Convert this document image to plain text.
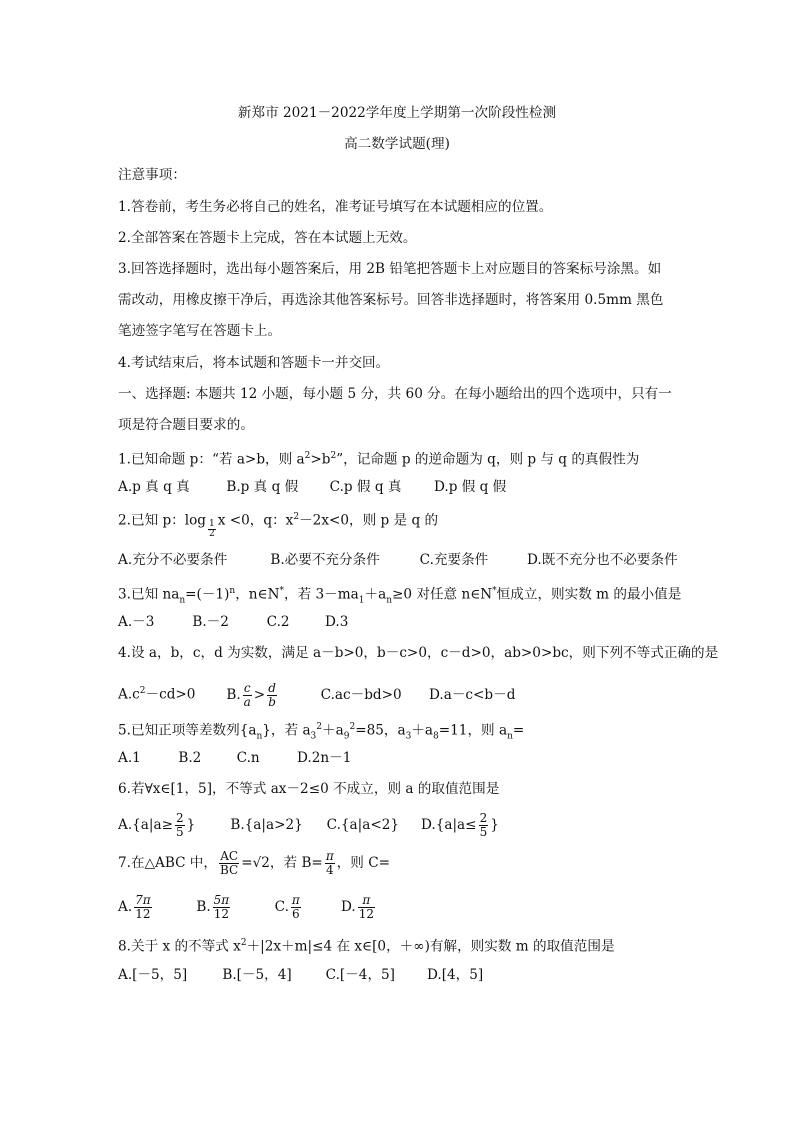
新郑市 2021－2022学年度上学期第一次阶段性检测
高二数学试题(理)
注意事项：
1.答卷前，考生务必将自己的姓名，准考证号填写在本试题相应的位置。
2.全部答案在答题卡上完成，答在本试题上无效。
3.回答选择题时，选出每小题答案后，用 2B 铅笔把答题卡上对应题目的答案标号涂黑。如
需改动，用橡皮擦干净后，再选涂其他答案标号。回答非选择题时，将答案用 0.5mm 黑色
笔迹签字笔写在答题卡上。
4.考试结束后，将本试题和答题卡一并交回。
一、选择题: 本题共 12 小题，每小题 5 分，共 60 分。在每小题给出的四个选项中，只有一
项是符合题目要求的。
1.已知命题 p：“若 a>b，则 $a^2>b^2$”，记命题 p 的逆命题为 q，则 p 与 q 的真假性为
A.p 真 q 真	B.p 真 q 假 C.p 假 q 真 D.p 假 q 假
2.已知 p：$\log \frac{1}{2}$ x <0，q：$x^2-2x<0$，则 p 是 q 的
A.充分不必要条件	B.必要不充分条件	C.充要条件	D.既不充分也不必要条件
3.已知 $na_n=(-1)^n$，n∈N*，若 $3-ma_1+a_n\ge 0$ 对任意 n∈N*恒成立，则实数 m 的最小值是
A.－3	B.－2	C.2	D.3
4.设 a，b，c，d 为实数，满足 a－b>0，b－c>0，c－d>0，ab>0>bc，则下列不等式正确的是
$A.c^2-cd>0$ B. $\frac{c}{a} > \frac{d}{b}$	C.ac－bd>0 D.a－c<b－d
5.已知正项等差数列$\{a_n\}$，若 $a_3^2+a_9^2=85$，$a_3+a_8=11$，则 $a_n=$
A.1	B.2	C.n	D.2n－1
6.若∀x∈[1，5]，不等式 ax－2≤0 不成立，则 a 的取值范围是
$A.\{a|a\ge \frac{2}{5}$ }	B.{a|a>2} C.{a|a<2} $D.\{a|a\le \frac{2}{5}$ }
7.在△ABC 中， $\frac{AC}{BC} =√2$，若 $B= \frac{\pi}{4}$ ，则 C=
A. $\frac{7\pi}{12}$	B. $\frac{5\pi}{12}$	C. $\frac{\pi}{6}$	D. $\frac{\pi}{12}$
8.关于 x 的不等式 $x^2+|2x+m|\le 4$ 在 x∈[0，＋∞)有解，则实数 m 的取值范围是
A.[－5，5]	B.[－5，4] C.[－4，5] D.[4，5]
